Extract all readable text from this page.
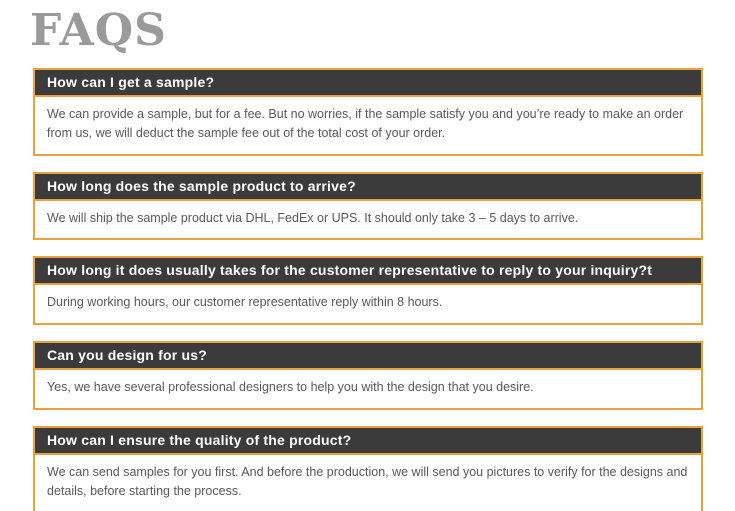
FAQS
How can I get a sample?
We can provide a sample, but for a fee. But no worries, if the sample satisfy you and you’re ready to make an order from us, we will deduct the sample fee out of the total cost of your order.
How long does the sample product to arrive?
We will ship the sample product via DHL, FedEx or UPS. It should only take 3 – 5 days to arrive.
How long it does usually takes for the customer representative to reply to your inquiry?t
During working hours, our customer representative reply within 8 hours.
Can you design for us?
Yes, we have several professional designers to help you with the design that you desire.
How can I ensure the quality of the product?
We can send samples for you first. And before the production, we will send you pictures to verify for the designs and details, before starting the process.
